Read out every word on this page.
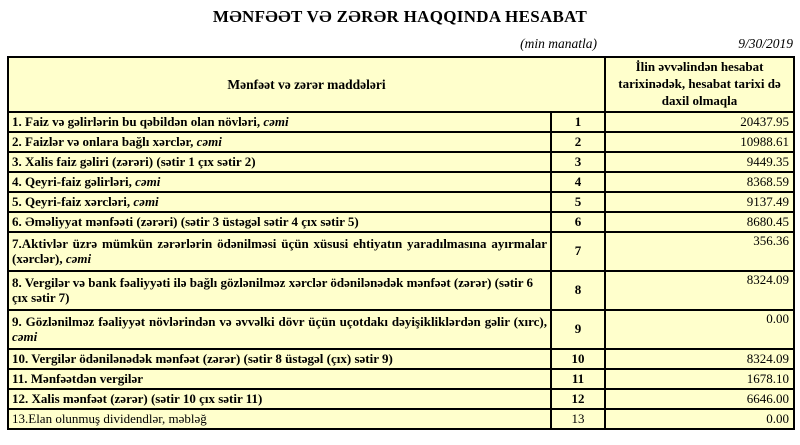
MƏNFƏƏT VƏ ZƏRƏR HAQQINDA HESABAT
(min manatla)	9/30/2019
Mənfəət və zərər maddələri		İlin əvvəlindən hesabat tarixinədək, hesabat tarixi də daxil olmaqla
1. Faiz və gəlirlərin bu qəbildən olan növləri, cəmi	1	20437.95
2. Faizlər və onlara bağlı xərclər, cəmi	2	10988.61
3. Xalis faiz gəliri (zərəri) (sətir 1 çıx sətir 2)	3	9449.35
4. Qeyri-faiz gəlirləri, cəmi	4	8368.59
5. Qeyri-faiz xərcləri, cəmi	5	9137.49
6. Əməliyyat mənfəəti (zərəri) (sətir 3 üstəgəl sətir 4 çıx sətir 5)	6	8680.45
7.Aktivlər üzrə mümkün zərərlərin ödənilməsi üçün xüsusi ehtiyatın yaradılmasına ayırmalar (xərclər), cəmi	7	356.36
8. Vergilər və bank fəaliyyəti ilə bağlı gözlənilməz xərclər ödənilənədək mənfəət (zərər) (sətir 6 çıx sətir 7)	8	8324.09
9. Gözlənilməz fəaliyyət növlərindən və əvvəlki dövr üçün uçotdakı dəyişikliklərdən gəlir (xırc), cəmi	9	0.00
10. Vergilər ödənilənədək mənfəət (zərər) (sətir 8 üstəgəl (çıx) sətir 9)	10	8324.09
11. Mənfəətdən vergilər	11	1678.10
12. Xalis mənfəət (zərər) (sətir 10 çıx sətir 11)	12	6646.00
13.Elan olunmuş dividendlər, məbləğ	13	0.00
